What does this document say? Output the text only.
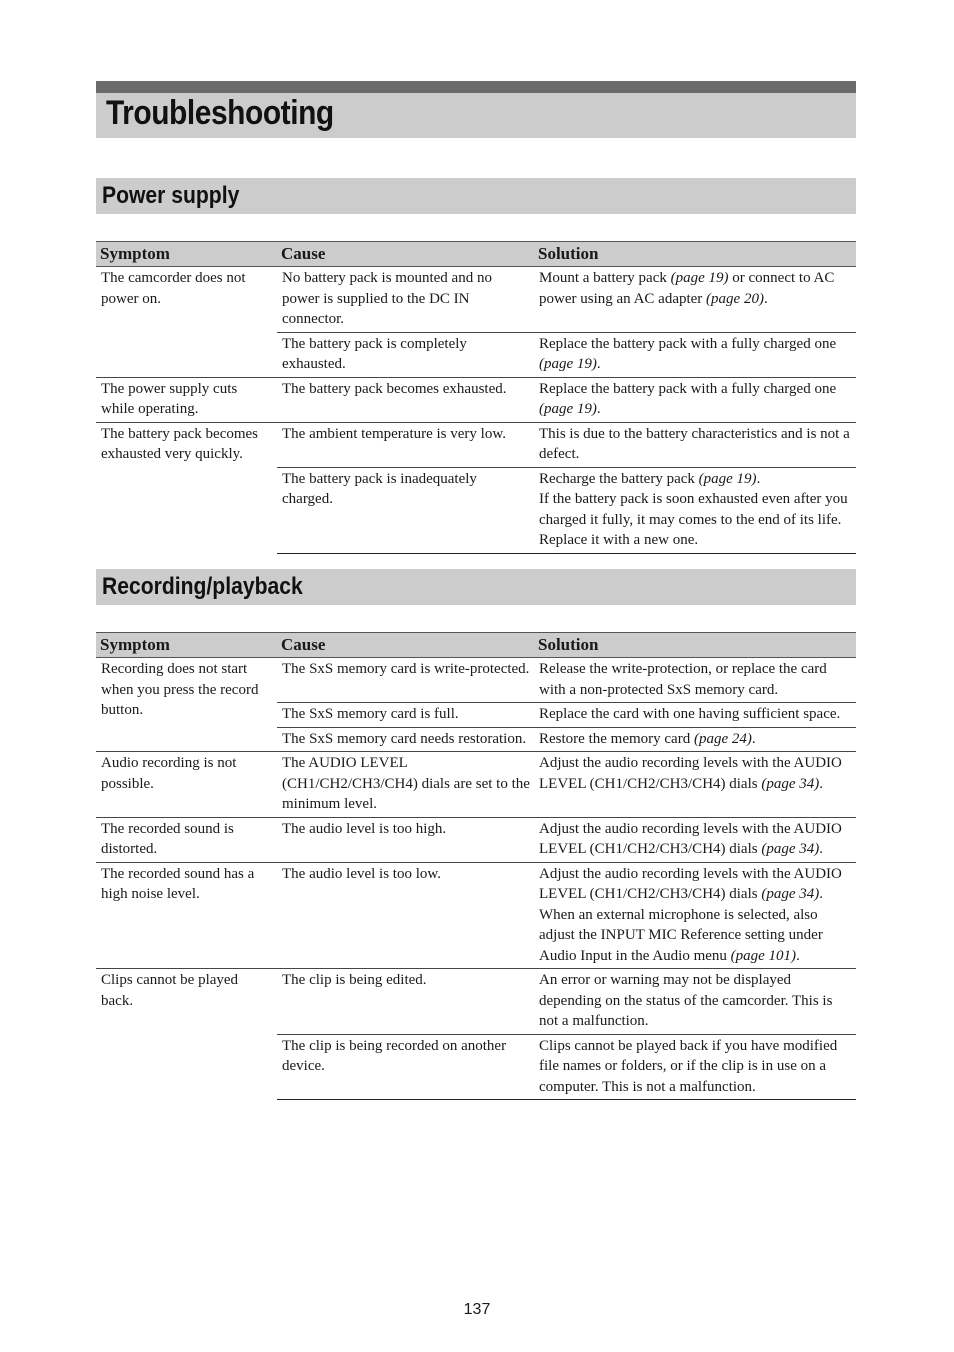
Troubleshooting
Power supply
Symptom	Cause	Solution
The camcorder does not power on.	No battery pack is mounted and no power is supplied to the DC IN connector.	Mount a battery pack (page 19) or connect to AC power using an AC adapter (page 20).
	The battery pack is completely exhausted.	Replace the battery pack with a fully charged one (page 19).
The power supply cuts while operating.	The battery pack becomes exhausted.	Replace the battery pack with a fully charged one (page 19).
The battery pack becomes exhausted very quickly.	The ambient temperature is very low.	This is due to the battery characteristics and is not a defect.
	The battery pack is inadequately charged.	Recharge the battery pack (page 19).
If the battery pack is soon exhausted even after you charged it fully, it may comes to the end of its life. Replace it with a new one.
Recording/playback
Symptom	Cause	Solution
Recording does not start when you press the record button.	The SxS memory card is write-protected.	Release the write-protection, or replace the card with a non-protected SxS memory card.
	The SxS memory card is full.	Replace the card with one having sufficient space.
	The SxS memory card needs restoration.	Restore the memory card (page 24).
Audio recording is not possible.	The AUDIO LEVEL (CH1/CH2/CH3/CH4) dials are set to the minimum level.	Adjust the audio recording levels with the AUDIO LEVEL (CH1/CH2/CH3/CH4) dials (page 34).
The recorded sound is distorted.	The audio level is too high.	Adjust the audio recording levels with the AUDIO LEVEL (CH1/CH2/CH3/CH4) dials (page 34).
The recorded sound has a high noise level.	The audio level is too low.	Adjust the audio recording levels with the AUDIO LEVEL (CH1/CH2/CH3/CH4) dials (page 34).
When an external microphone is selected, also adjust the INPUT MIC Reference setting under Audio Input in the Audio menu (page 101).
Clips cannot be played back.	The clip is being edited.	An error or warning may not be displayed depending on the status of the camcorder. This is not a malfunction.
	The clip is being recorded on another device.	Clips cannot be played back if you have modified file names or folders, or if the clip is in use on a computer. This is not a malfunction.
137
